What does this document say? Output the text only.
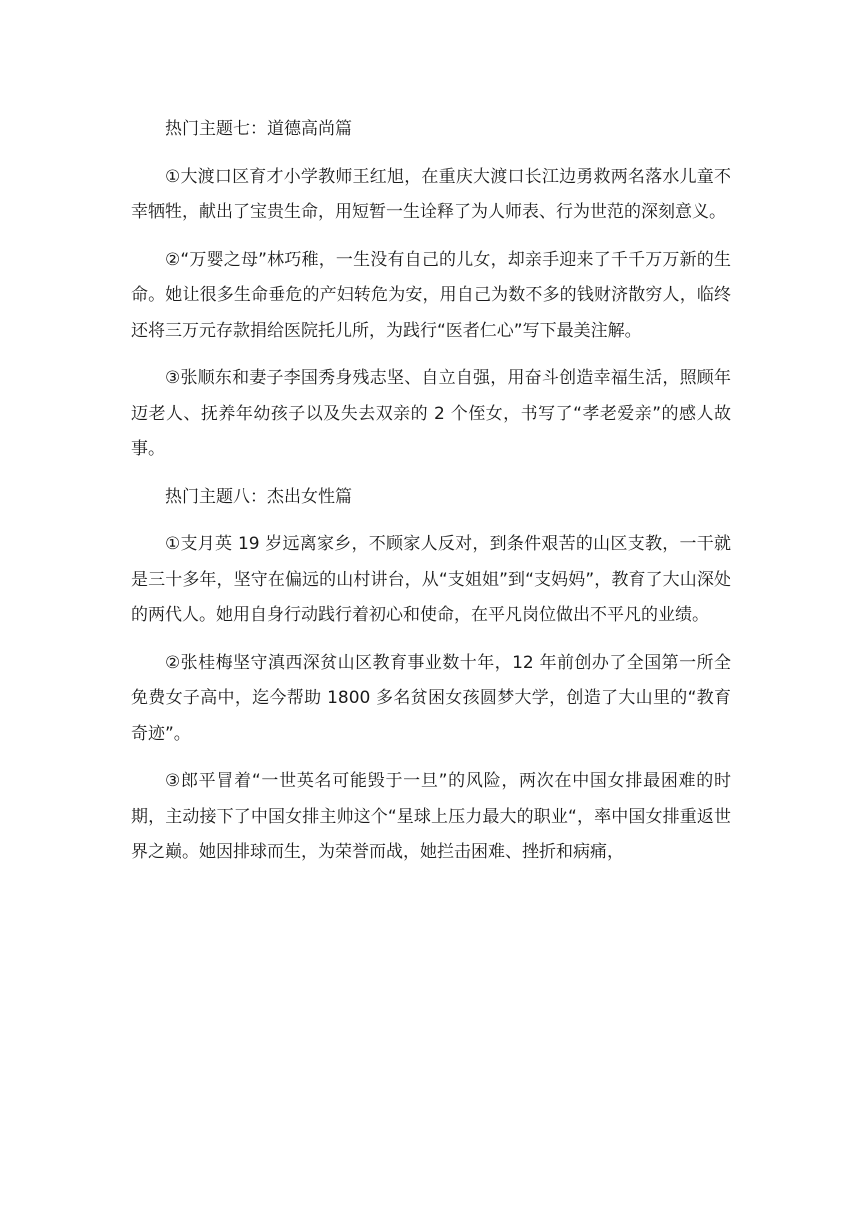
热门主题七：道德高尚篇

①大渡口区育才小学教师王红旭，在重庆大渡口长江边勇救两名落水儿童不幸牺牲，献出了宝贵生命，用短暂一生诠释了为人师表、行为世范的深刻意义。

②“万婴之母”林巧稚，一生没有自己的儿女，却亲手迎来了千千万万新的生命。她让很多生命垂危的产妇转危为安，用自己为数不多的钱财济散穷人，临终还将三万元存款捐给医院托儿所，为践行“医者仁心”写下最美注解。

③张顺东和妻子李国秀身残志坚、自立自强，用奋斗创造幸福生活，照顾年迈老人、抚养年幼孩子以及失去双亲的 2 个侄女，书写了“孝老爱亲”的感人故事。

热门主题八：杰出女性篇

①支月英 19 岁远离家乡，不顾家人反对，到条件艰苦的山区支教，一干就是三十多年，坚守在偏远的山村讲台，从“支姐姐”到“支妈妈”，教育了大山深处的两代人。她用自身行动践行着初心和使命，在平凡岗位做出不平凡的业绩。

②张桂梅坚守滇西深贫山区教育事业数十年，12 年前创办了全国第一所全免费女子高中，迄今帮助 1800 多名贫困女孩圆梦大学，创造了大山里的“教育奇迹”。

③郎平冒着“一世英名可能毁于一旦”的风险，两次在中国女排最困难的时期，主动接下了中国女排主帅这个“星球上压力最大的职业“，率中国女排重返世界之巅。她因排球而生，为荣誉而战，她拦击困难、挫折和病痛，
